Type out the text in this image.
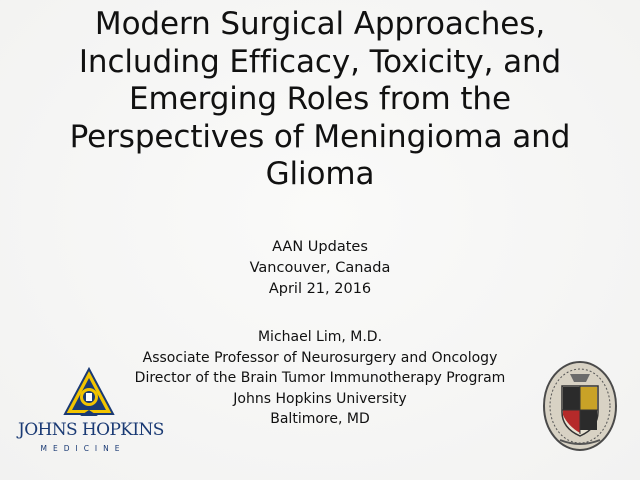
Modern Surgical Approaches,
Including Efficacy, Toxicity, and
Emerging Roles from the
Perspectives of Meningioma and
Glioma
AAN Updates
Vancouver, Canada
April 21, 2016
Michael Lim, M.D.
Associate Professor of Neurosurgery and Oncology
Director of the Brain Tumor Immunotherapy Program
Johns Hopkins University
Baltimore, MD
JOHNS HOPKINS
MEDICINE
